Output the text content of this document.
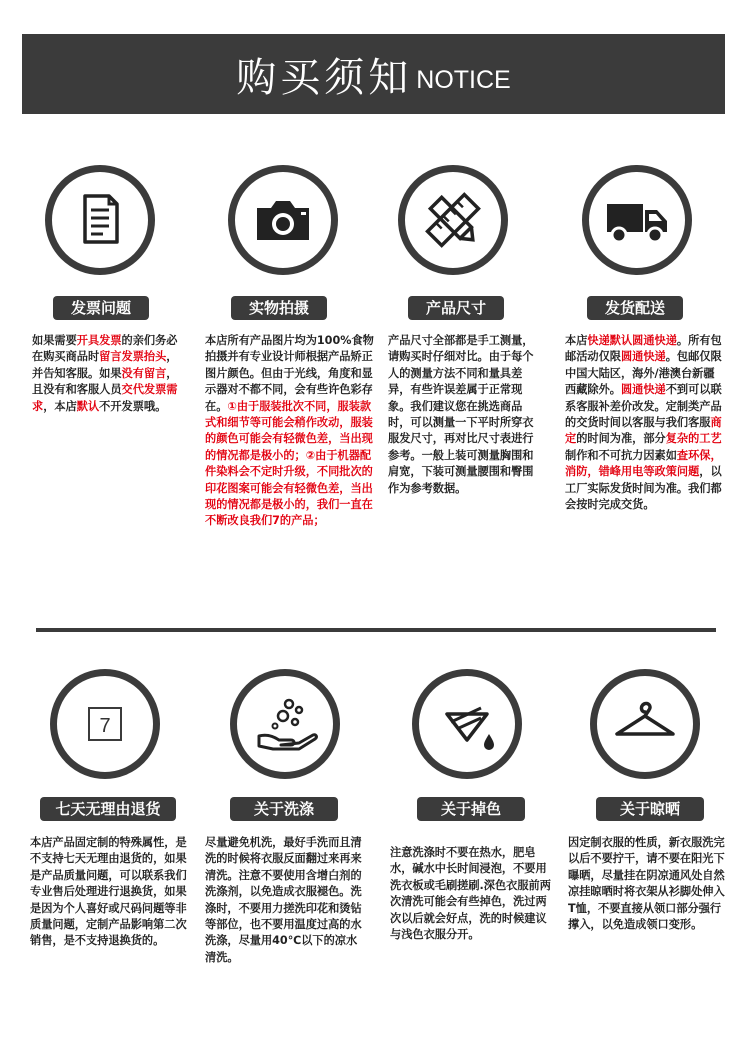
购买须知 NOTICE
发票问题
如果需要开具发票的亲们务必在购买商品时留言发票抬头，并告知客服。如果没有留言，且没有和客服人员交代发票需求，本店默认不开发票哦。
实物拍摄
本店所有产品图片均为100%食物拍摄并有专业设计师根据产品矫正图片颜色。但由于光线，角度和显示器对不都不同，会有些许色彩存在。①由于服装批次不同，服装款式和细节等可能会稍作改动，服装的颜色可能会有轻微色差，当出现的情况都是极小的；②由于机器配件染料会不定时升级，不同批次的印花图案可能会有轻微色差，当出现的情况都是极小的，我们一直在不断改良我们7的产品；
产品尺寸
产品尺寸全部都是手工测量，请购买时仔细对比。由于每个人的测量方法不同和量具差异，有些许误差属于正常现象。我们建议您在挑选商品时，可以测量一下平时所穿衣服发尺寸，再对比尺寸表进行参考。一般上装可测量胸围和肩宽，下装可测量腰围和臀围作为参考数据。
发货配送
本店快递默认圆通快递。所有包邮活动仅限圆通快递。包邮仅限中国大陆区，海外/港澳台新疆西藏除外。圆通快递不到可以联系客服补差价改发。定制类产品的交货时间以客服与我们客服商定的时间为准，部分复杂的工艺制作和不可抗力因素如查环保，消防，错峰用电等政策问题，以工厂实际发货时间为准。我们都会按时完成交货。
7
七天无理由退货
本店产品固定制的特殊属性，是不支持七天无理由退货的，如果是产品质量问题，可以联系我们专业售后处理进行退换货，如果是因为个人喜好或尺码问题等非质量问题，定制产品影响第二次销售，是不支持退换货的。
关于洗涤
尽量避免机洗，最好手洗而且清洗的时候将衣服反面翻过来再来清洗。注意不要使用含增白剂的洗涤剂，以免造成衣服褪色。洗涤时，不要用力搓洗印花和烫钻等部位，也不要用温度过高的水洗涤，尽量用40℃以下的凉水清洗。
关于掉色
注意洗涤时不要在热水，肥皂水，碱水中长时间浸泡，不要用洗衣板或毛刷搓刷.深色衣服前两次清洗可能会有些掉色，洗过两次以后就会好点，洗的时候建议与浅色衣服分开。
关于晾晒
因定制衣服的性质，新衣服洗完以后不要拧干，请不要在阳光下曝晒，尽量挂在阴凉通风处自然凉挂晾晒时将衣架从衫脚处伸入T恤，不要直接从领口部分强行撑入，以免造成领口变形。
